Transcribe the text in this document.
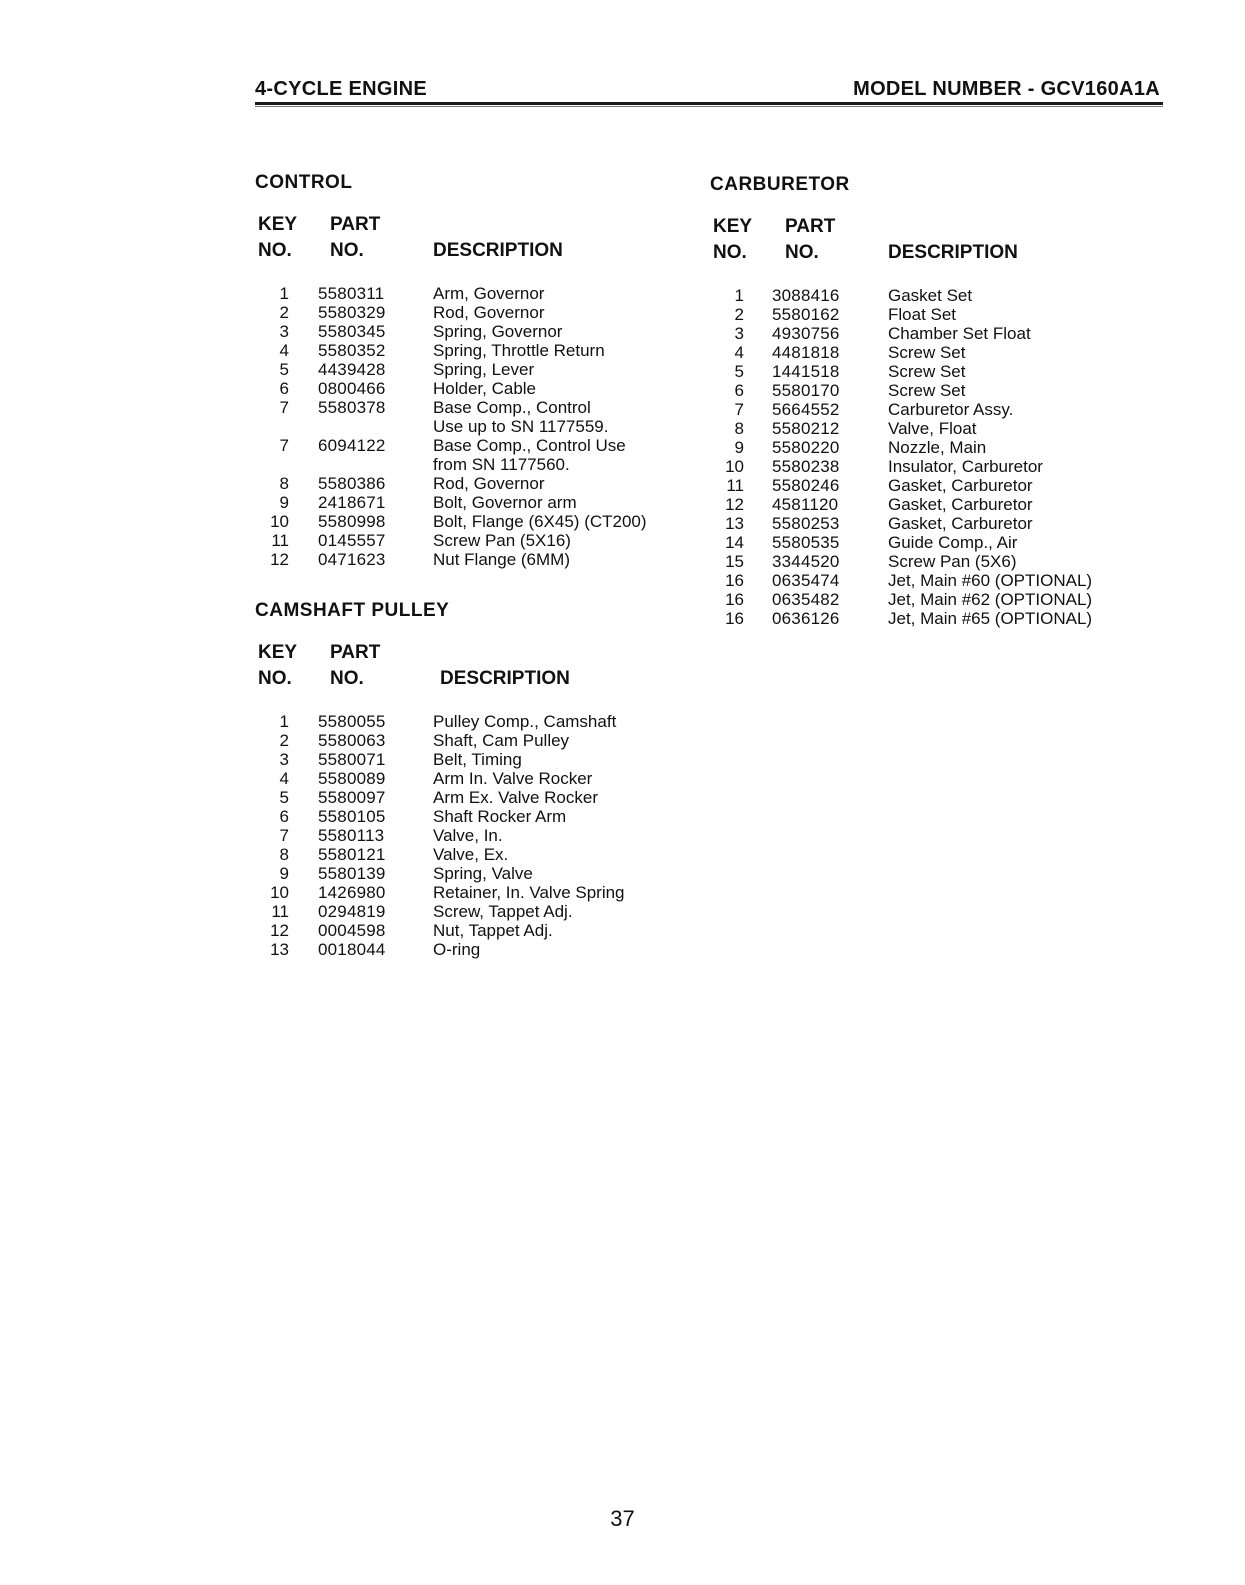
4-CYCLE ENGINE	MODEL NUMBER - GCV160A1A
CONTROL
KEY
NO.
PART
NO.	DESCRIPTION
1 5580311	Arm, Governor
2 5580329	Rod, Governor
3 5580345	Spring, Governor
4 5580352	Spring, Throttle Return
5 4439428	Spring, Lever
6 0800466	Holder, Cable
7 5580378	Base Comp., Control
Use up to SN 1177559.
7 6094122	Base Comp., Control Use
from SN 1177560.
8 5580386	Rod, Governor
9 2418671	Bolt, Governor arm
10 5580998	Bolt, Flange (6X45) (CT200)
11 0145557	Screw Pan (5X16)
12 0471623	Nut Flange (6MM)
CAMSHAFT PULLEY
KEY
NO.
PART
NO.	DESCRIPTION
1 5580055	Pulley Comp., Camshaft
2 5580063	Shaft, Cam Pulley
3 5580071	Belt, Timing
4 5580089	Arm In. Valve Rocker
5 5580097	Arm Ex. Valve Rocker
6 5580105	Shaft Rocker Arm
7 5580113	Valve, In.
8 5580121	Valve, Ex.
9 5580139	Spring, Valve
10 1426980	Retainer, In. Valve Spring
11 0294819	Screw, Tappet Adj.
12 0004598	Nut, Tappet Adj.
13 0018044	O-ring
CARBURETOR
KEY
NO.
PART
NO.	DESCRIPTION
1 3088416	Gasket Set
2 5580162	Float Set
3 4930756	Chamber Set Float
4 4481818	Screw Set
5 1441518	Screw Set
6 5580170	Screw Set
7 5664552	Carburetor Assy.
8 5580212	Valve, Float
9 5580220	Nozzle, Main
10 5580238	Insulator, Carburetor
11 5580246	Gasket, Carburetor
12 4581120	Gasket, Carburetor
13 5580253	Gasket, Carburetor
14 5580535	Guide Comp., Air
15 3344520	Screw Pan (5X6)
16 0635474	Jet, Main #60 (OPTIONAL)
16 0635482	Jet, Main #62 (OPTIONAL)
16 0636126	Jet, Main #65 (OPTIONAL)
37
